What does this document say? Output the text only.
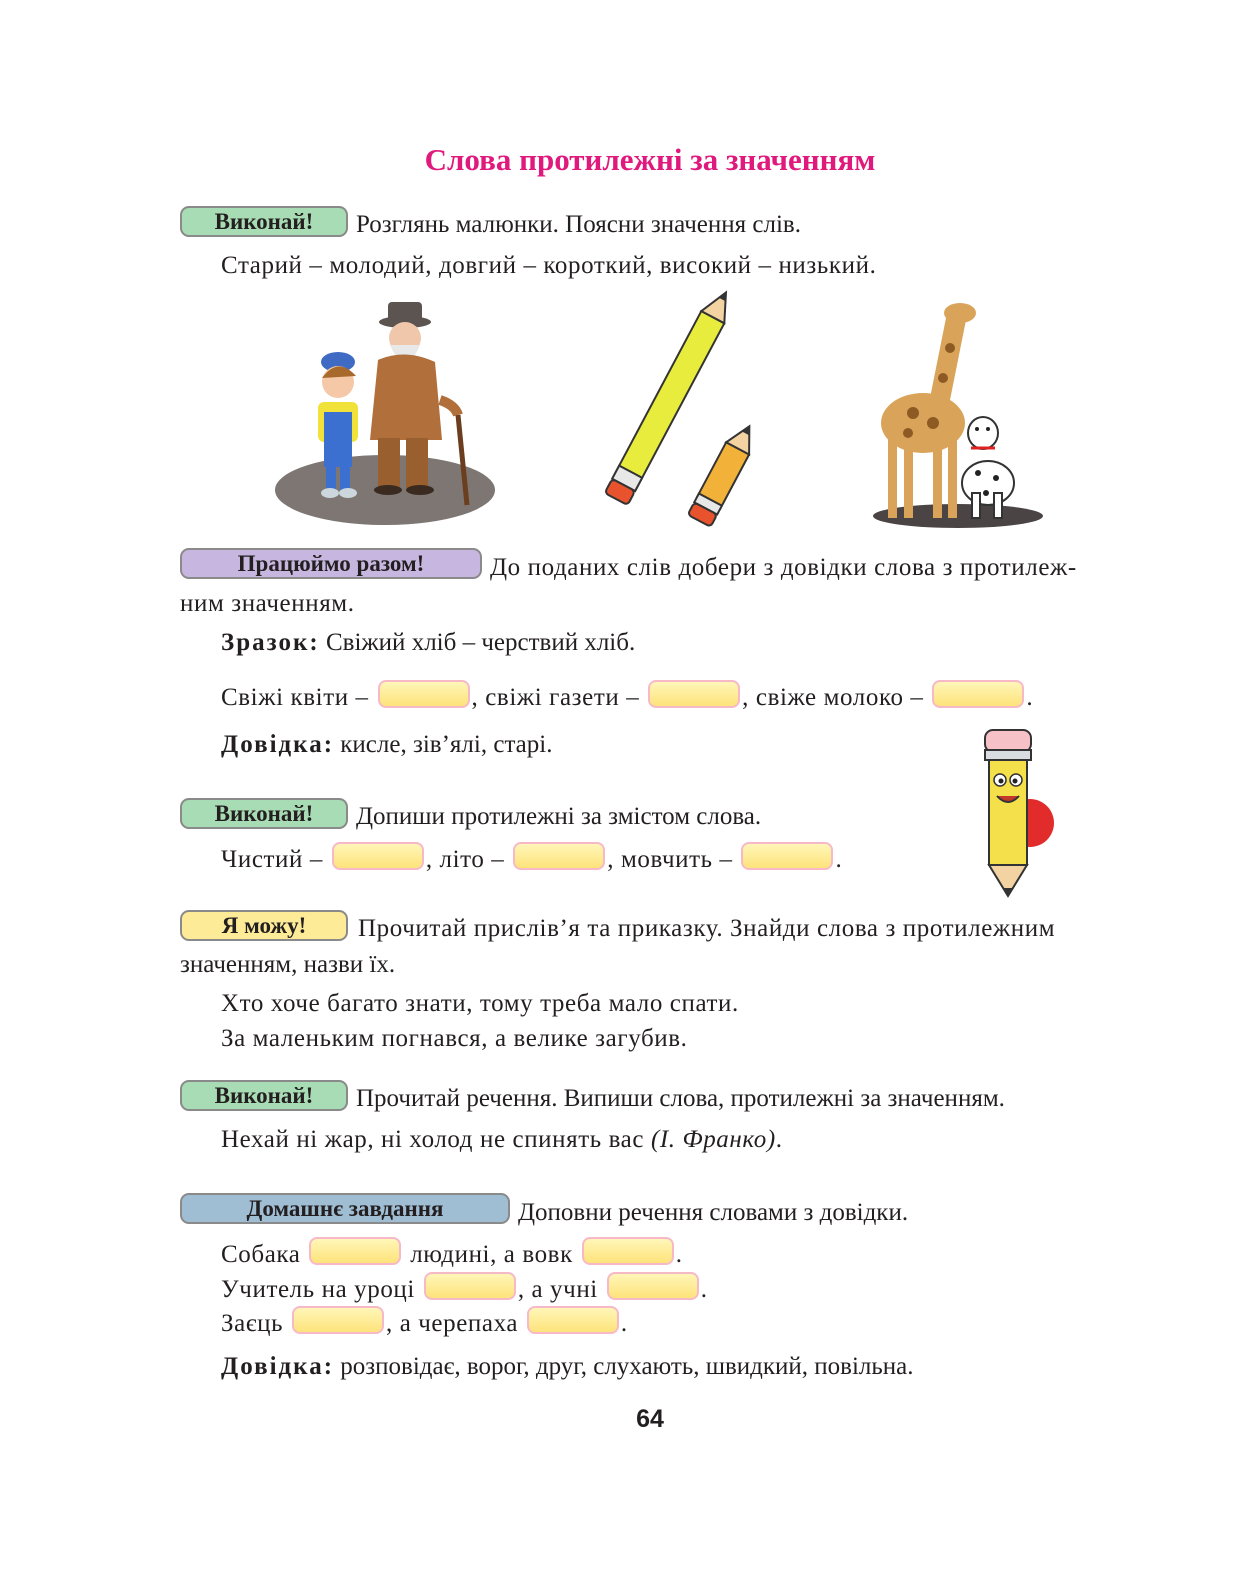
Слова протилежні за значенням
Виконай!	Розглянь малюнки. Поясни значення слів.
Старий – молодий, довгий – короткий, високий – низький.
Працюймо разом!	До поданих слів добери з довідки слова з протилеж-
ним значенням.
Зразок: Свіжий хліб – черствий хліб.
Свіжі квіти –	, свіжі газети –	, свіже молоко –	.
Довідка: кисле, зів’ялі, старі.
Виконай!	Допиши протилежні за змістом слова.
Чистий –	, літо –	, мовчить –	.
Я можу!	Прочитай прислів’я та приказку. Знайди слова з протилежним
значенням, назви їх.
Хто хоче багато знати, тому треба мало спати.
За маленьким погнався, а велике загубив.
Виконай!	Прочитай речення. Випиши слова, протилежні за значенням.
Нехай ні жар, ні холод не спинять вас (І. Франко).
Домашнє завдання	Доповни речення словами з довідки.
Собака	людині, а вовк	.
Учитель на уроці	, а учні	.
Заєць	, а черепаха	.
Довідка: розповідає, ворог, друг, слухають, швидкий, повільна.
64
